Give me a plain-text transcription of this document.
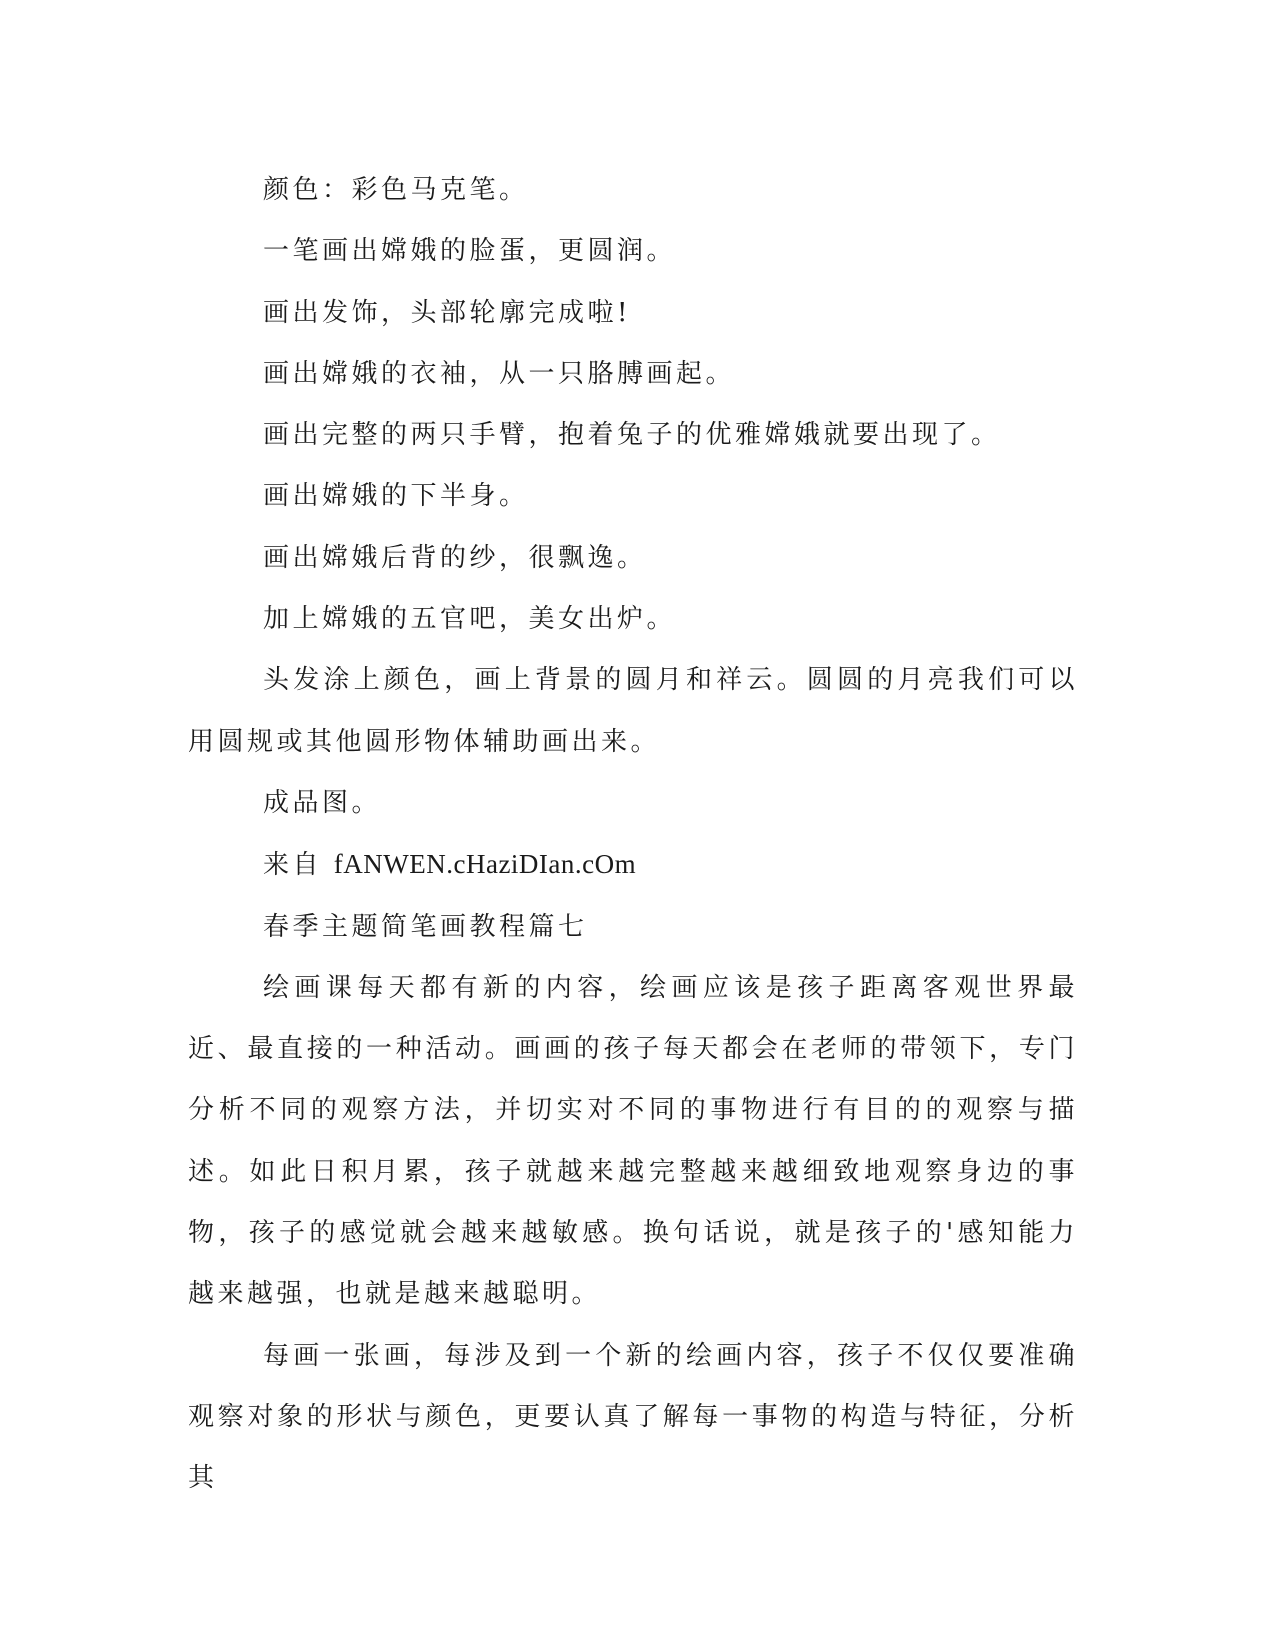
颜色：彩色马克笔。

一笔画出嫦娥的脸蛋，更圆润。

画出发饰，头部轮廓完成啦!

画出嫦娥的衣袖，从一只胳膊画起。

画出完整的两只手臂，抱着兔子的优雅嫦娥就要出现了。

画出嫦娥的下半身。

画出嫦娥后背的纱，很飘逸。

加上嫦娥的五官吧，美女出炉。

头发涂上颜色，画上背景的圆月和祥云。圆圆的月亮我们可以用圆规或其他圆形物体辅助画出来。

成品图。

来自 fANWEN.cHaziDIan.cOm

春季主题简笔画教程篇七

绘画课每天都有新的内容，绘画应该是孩子距离客观世界最近、最直接的一种活动。画画的孩子每天都会在老师的带领下，专门分析不同的观察方法，并切实对不同的事物进行有目的的观察与描述。如此日积月累，孩子就越来越完整越来越细致地观察身边的事物，孩子的感觉就会越来越敏感。换句话说，就是孩子的'感知能力越来越强，也就是越来越聪明。

每画一张画，每涉及到一个新的绘画内容，孩子不仅仅要准确观察对象的形状与颜色，更要认真了解每一事物的构造与特征，分析其
